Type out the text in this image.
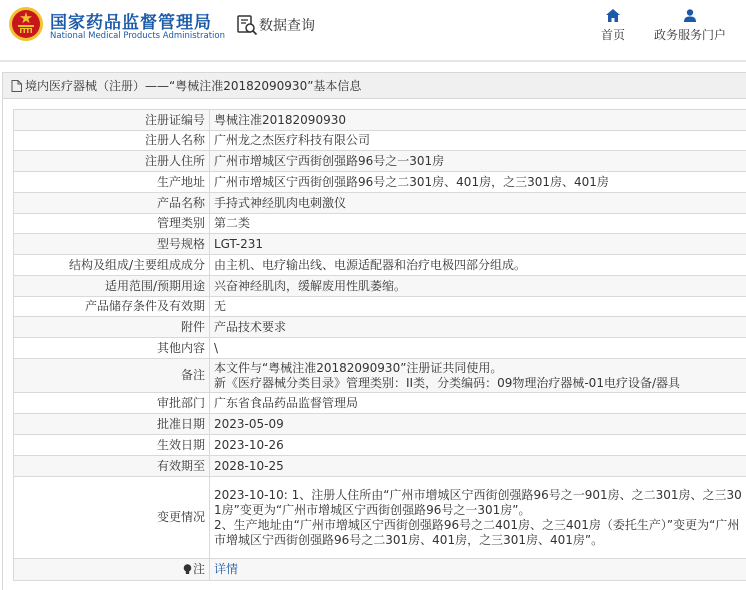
国家药品监督管理局
National Medical Products Administration
数据查询
首页	政务服务门户
境内医疗器械（注册）——“粤械注准20182090930”基本信息
注册证编号	粤械注准20182090930
注册人名称	广州龙之杰医疗科技有限公司
注册人住所	广州市增城区宁西街创强路96号之一301房
生产地址	广州市增城区宁西街创强路96号之二301房、401房，之三301房、401房
产品名称	手持式神经肌肉电刺激仪
管理类别	第二类
型号规格	LGT-231
结构及组成/主要组成成分	由主机、电疗输出线、电源适配器和治疗电极四部分组成。
适用范围/预期用途	兴奋神经肌肉，缓解废用性肌萎缩。
产品储存条件及有效期	无
附件	产品技术要求
其他内容	\
备注	本文件与“粤械注准20182090930”注册证共同使用。
新《医疗器械分类目录》管理类别：II类，分类编码：09物理治疗器械-01电疗设备/器具

审批部门	广东省食品药品监督管理局
批准日期	2023-05-09
生效日期	2023-10-26
有效期至	2028-10-25
变更情况	2023-10-10: 1、注册人住所由“广州市增城区宁西街创强路96号之一901房、之二301房、之三301房”变更为“广州市增城区宁西街创强路96号之一301房”。
2、生产地址由“广州市增城区宁西街创强路96号之二401房、之三401房（委托生产）”变更为“广州市增城区宁西街创强路96号之二301房、401房，之三301房、401房”。

注	详情
